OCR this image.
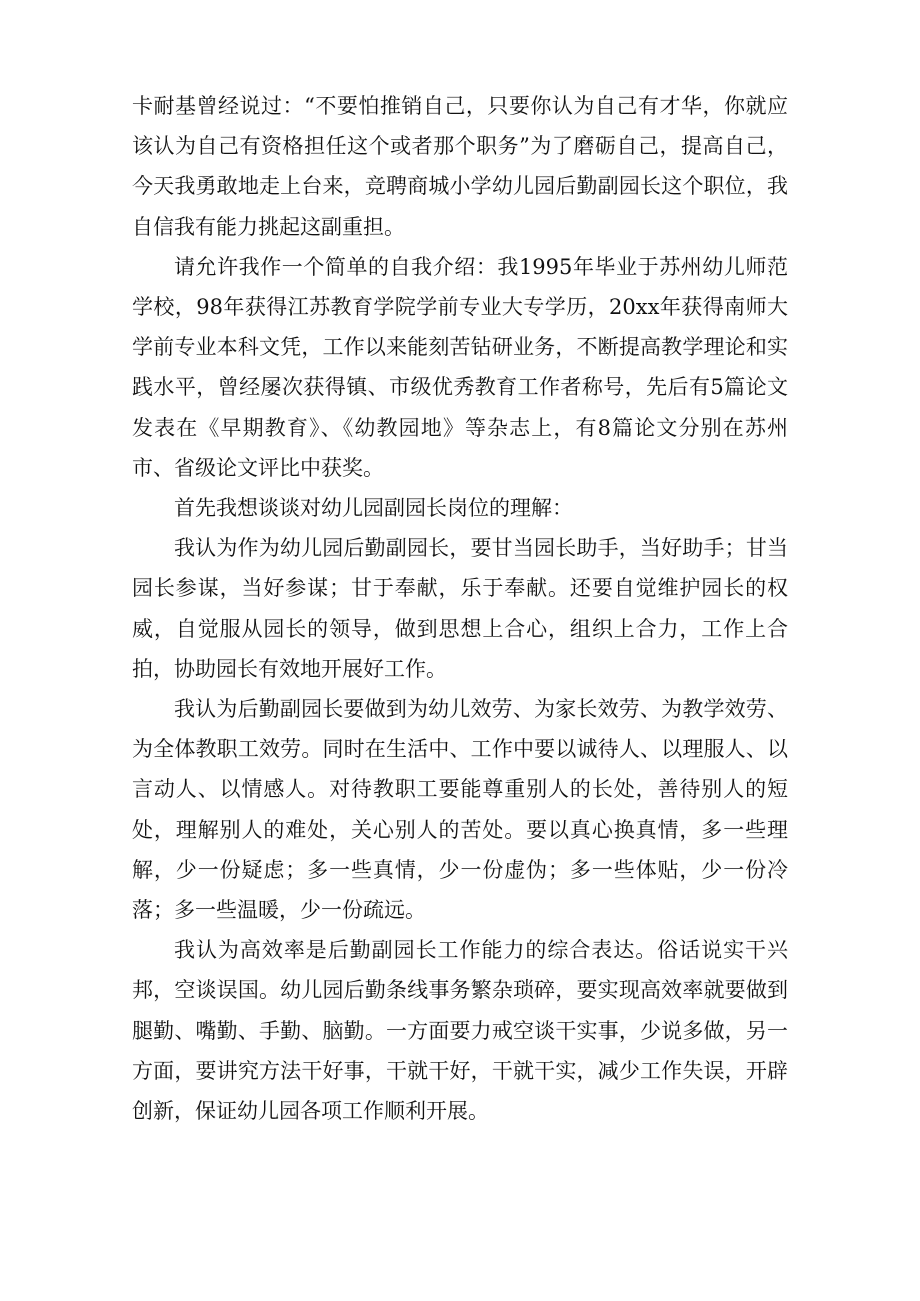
卡耐基曾经说过：“不要怕推销自己，只要你认为自己有才华，你就应该认为自己有资格担任这个或者那个职务”为了磨砺自己，提高自己，今天我勇敢地走上台来，竞聘商城小学幼儿园后勤副园长这个职位，我自信我有能力挑起这副重担。

请允许我作一个简单的自我介绍：我1995年毕业于苏州幼儿师范学校，98年获得江苏教育学院学前专业大专学历，20xx年获得南师大学前专业本科文凭，工作以来能刻苦钻研业务，不断提高教学理论和实践水平，曾经屡次获得镇、市级优秀教育工作者称号，先后有5篇论文发表在《早期教育》、《幼教园地》等杂志上，有8篇论文分别在苏州市、省级论文评比中获奖。

首先我想谈谈对幼儿园副园长岗位的理解：

我认为作为幼儿园后勤副园长，要甘当园长助手，当好助手；甘当园长参谋，当好参谋；甘于奉献，乐于奉献。还要自觉维护园长的权威，自觉服从园长的领导，做到思想上合心，组织上合力，工作上合拍，协助园长有效地开展好工作。

我认为后勤副园长要做到为幼儿效劳、为家长效劳、为教学效劳、为全体教职工效劳。同时在生活中、工作中要以诚待人、以理服人、以言动人、以情感人。对待教职工要能尊重别人的长处，善待别人的短处，理解别人的难处，关心别人的苦处。要以真心换真情，多一些理解，少一份疑虑；多一些真情，少一份虚伪；多一些体贴，少一份冷落；多一些温暖，少一份疏远。

我认为高效率是后勤副园长工作能力的综合表达。俗话说实干兴邦，空谈误国。幼儿园后勤条线事务繁杂琐碎，要实现高效率就要做到腿勤、嘴勤、手勤、脑勤。一方面要力戒空谈干实事，少说多做，另一方面，要讲究方法干好事，干就干好，干就干实，减少工作失误，开辟创新，保证幼儿园各项工作顺利开展。
